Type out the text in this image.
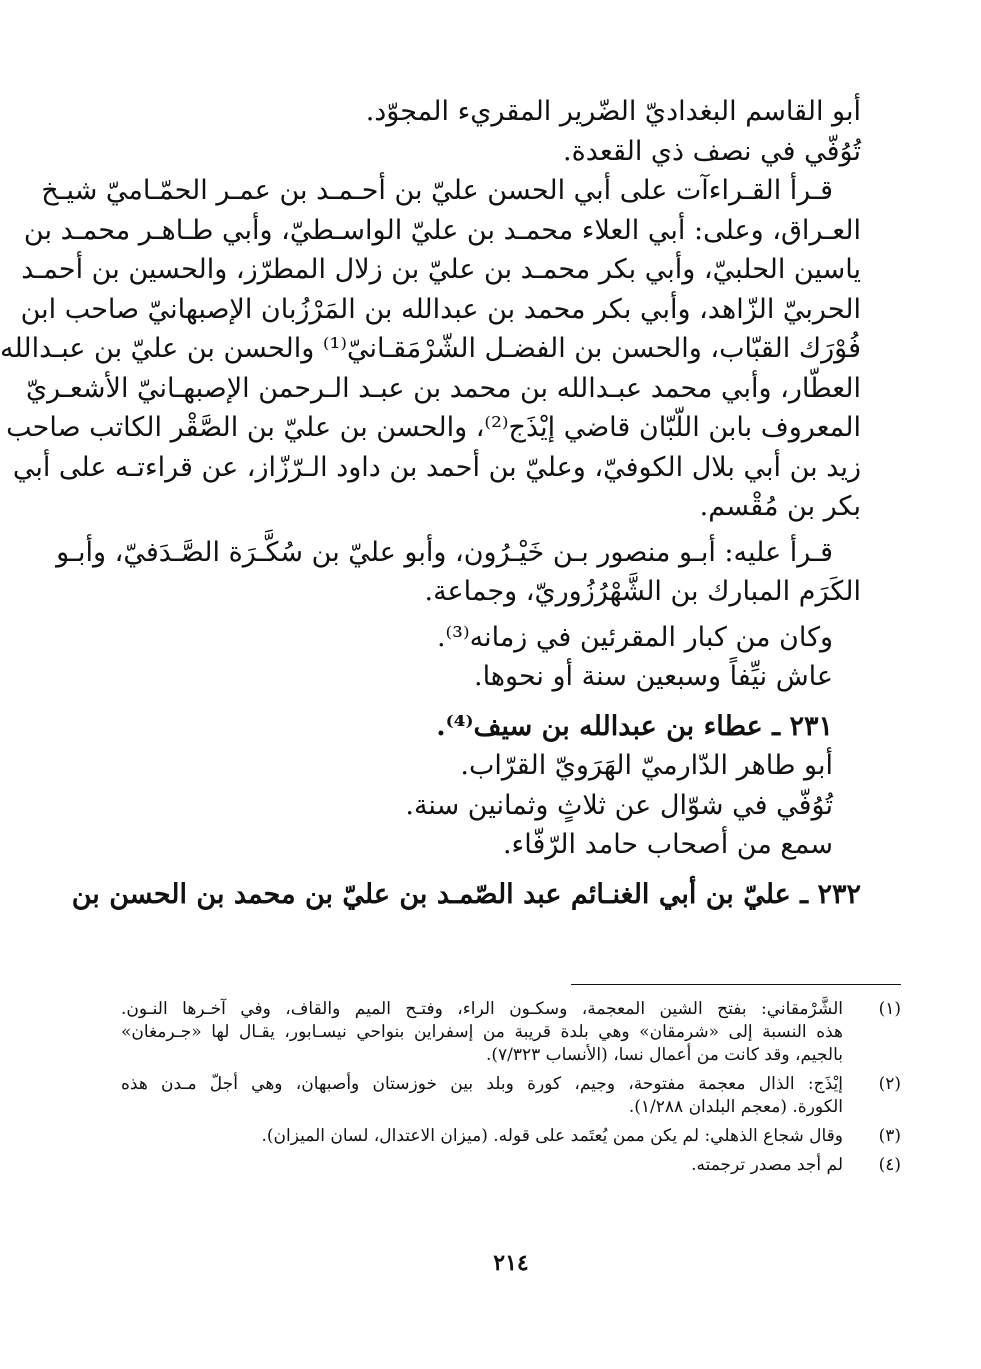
أبو القاسم البغداديّ الضّرير المقريء المجوّد.
تُوُفّي في نصف ذي القعدة.
قـرأ القـراءآت على أبي الحسن عليّ بن أحـمـد بن عمـر الحمّـاميّ شيـخ
العـراق، وعلى: أبي العلاء محمـد بن عليّ الواسـطيّ، وأبي طـاهـر محمـد بن
ياسين الحلبيّ، وأبي بكر محمـد بن عليّ بن زلال المطرّز، والحسين بن أحمـد
الحربيّ الزّاهد، وأبي بكر محمد بن عبدالله بن المَرْزُبان الإصبهانيّ صاحب ابن
فُوْرَك القبّاب، والحسن بن الفضـل الشّرْمَقـانيّ⁽¹⁾ والحسن بن عليّ بن عبـدالله
العطّار، وأبي محمد عبـدالله بن محمد بن عبـد الـرحمن الإصبهـانيّ الأشعـريّ
المعروف بابن اللّبّان قاضي إيْذَج⁽²⁾، والحسن بن عليّ بن الصَّقْر الكاتب صاحب
زيد بن أبي بلال الكوفيّ، وعليّ بن أحمد بن داود الـرّزّاز، عن قراءتـه على أبي
بكر بن مُقْسم.
قـرأ عليه: أبـو منصور بـن خَيْـرُون، وأبو عليّ بن سُكَّـرَة الصَّـدَفيّ، وأبـو
الكَرَم المبارك بن الشَّهْرُزُوريّ، وجماعة.
وكان من كبار المقرئين في زمانه⁽³⁾.
عاش نيِّفاً وسبعين سنة أو نحوها.
٢٣١ ـ عطاء بن عبدالله بن سيف⁽⁴⁾.
أبو طاهر الدّارميّ الهَرَويّ القرّاب.
تُوُفّي في شوّال عن ثلاثٍ وثمانين سنة.
سمع من أصحاب حامد الرّفّاء.
٢٣٢ ـ عليّ بن أبي الغنـائم عبد الصّمـد بن عليّ بن محمد بن الحسن بن
(١)
الشَّرْمقاني: بفتح الشين المعجمة، وسكـون الراء، وفتـح الميم والقاف، وفي آخـرها النـون.
هذه النسبة إلى «شرمقان» وهي بلدة قريبة من إسفراين بنواحي نيسـابور، يقـال لها «جـرمغان»
بالجيم، وقد كانت من أعمال نسا، (الأنساب ٧/٣٢٣).
(٢)
إيْذَج: الذال معجمة مفتوحة، وجيم، كورة وبلد بين خوزستان وأصبهان، وهي أجلّ مـدن هذه
الكورة. (معجم البلدان ١/٢٨٨).
(٣)
وقال شجاع الذهلي: لم يكن ممن يُعتَمد على قوله. (ميزان الاعتدال، لسان الميزان).
(٤)
لم أجد مصدر ترجمته.
٢١٤
